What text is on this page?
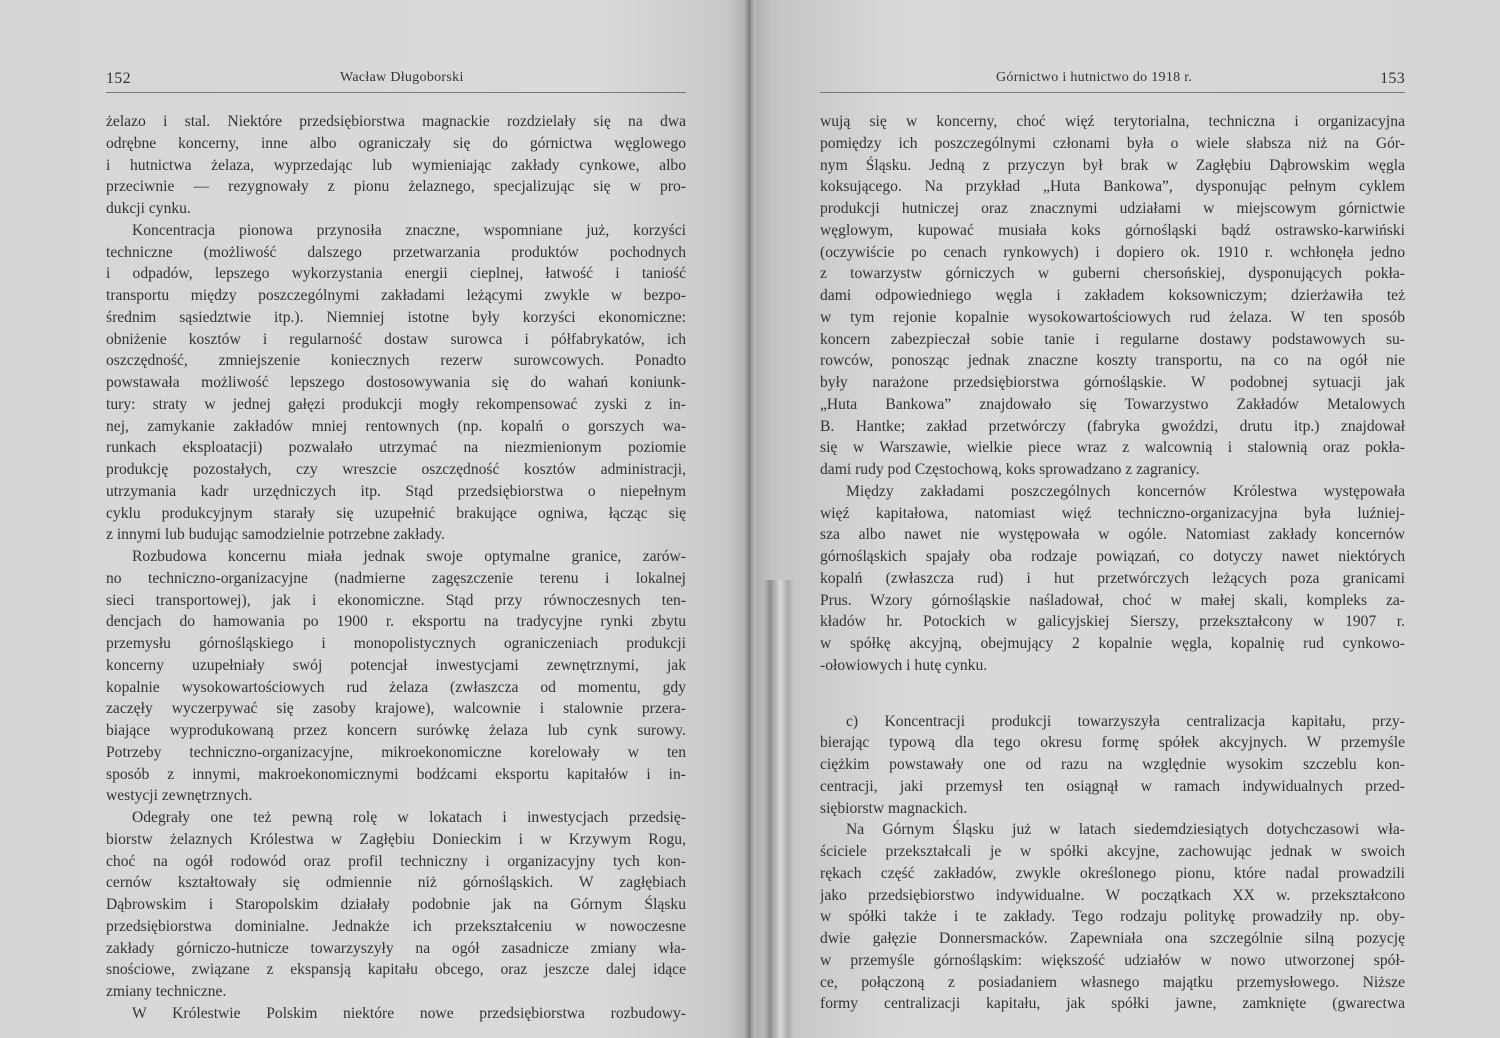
152	Wacław Długoborski
żelazo i stal. Niektóre przedsiębiorstwa magnackie rozdzielały się na dwa
odrębne koncerny, inne albo ograniczały się do górnictwa węglowego
i hutnictwa żelaza, wyprzedając lub wymieniając zakłady cynkowe, albo
przeciwnie — rezygnowały z pionu żelaznego, specjalizując się w pro-
dukcji cynku.
Koncentracja pionowa przynosiła znaczne, wspomniane już, korzyści
techniczne (możliwość dalszego przetwarzania produktów pochodnych
i odpadów, lepszego wykorzystania energii cieplnej, łatwość i taniość
transportu między poszczególnymi zakładami leżącymi zwykle w bezpo-
średnim sąsiedztwie itp.). Niemniej istotne były korzyści ekonomiczne:
obniżenie kosztów i regularność dostaw surowca i półfabrykatów, ich
oszczędność, zmniejszenie koniecznych rezerw surowcowych. Ponadto
powstawała możliwość lepszego dostosowywania się do wahań koniunk-
tury: straty w jednej gałęzi produkcji mogły rekompensować zyski z in-
nej, zamykanie zakładów mniej rentownych (np. kopalń o gorszych wa-
runkach eksploatacji) pozwalało utrzymać na niezmienionym poziomie
produkcję pozostałych, czy wreszcie oszczędność kosztów administracji,
utrzymania kadr urzędniczych itp. Stąd przedsiębiorstwa o niepełnym
cyklu produkcyjnym starały się uzupełnić brakujące ogniwa, łącząc się
z innymi lub budując samodzielnie potrzebne zakłady.
Rozbudowa koncernu miała jednak swoje optymalne granice, zarów-
no techniczno-organizacyjne (nadmierne zagęszczenie terenu i lokalnej
sieci transportowej), jak i ekonomiczne. Stąd przy równoczesnych ten-
dencjach do hamowania po 1900 r. eksportu na tradycyjne rynki zbytu
przemysłu górnośląskiego i monopolistycznych ograniczeniach produkcji
koncerny uzupełniały swój potencjał inwestycjami zewnętrznymi, jak
kopalnie wysokowartościowych rud żelaza (zwłaszcza od momentu, gdy
zaczęły wyczerpywać się zasoby krajowe), walcownie i stalownie przera-
biające wyprodukowaną przez koncern surówkę żelaza lub cynk surowy.
Potrzeby techniczno-organizacyjne, mikroekonomiczne korelowały w ten
sposób z innymi, makroekonomicznymi bodźcami eksportu kapitałów i in-
westycji zewnętrznych.
Odegrały one też pewną rolę w lokatach i inwestycjach przedsię-
biorstw żelaznych Królestwa w Zagłębiu Donieckim i w Krzywym Rogu,
choć na ogół rodowód oraz profil techniczny i organizacyjny tych kon-
cernów kształtowały się odmiennie niż górnośląskich. W zagłębiach
Dąbrowskim i Staropolskim działały podobnie jak na Górnym Śląsku
przedsiębiorstwa dominialne. Jednakże ich przekształceniu w nowoczesne
zakłady górniczo-hutnicze towarzyszyły na ogół zasadnicze zmiany wła-
snościowe, związane z ekspansją kapitału obcego, oraz jeszcze dalej idące
zmiany techniczne.
W Królestwie Polskim niektóre nowe przedsiębiorstwa rozbudowy-
Górnictwo i hutnictwo do 1918 r.	153
wują się w koncerny, choć więź terytorialna, techniczna i organizacyjna
pomiędzy ich poszczególnymi członami była o wiele słabsza niż na Gór-
nym Śląsku. Jedną z przyczyn był brak w Zagłębiu Dąbrowskim węgla
koksującego. Na przykład „Huta Bankowa”, dysponując pełnym cyklem
produkcji hutniczej oraz znacznymi udziałami w miejscowym górnictwie
węglowym, kupować musiała koks górnośląski bądź ostrawsko-karwiński
(oczywiście po cenach rynkowych) i dopiero ok. 1910 r. wchłonęła jedno
z towarzystw górniczych w guberni chersońskiej, dysponujących pokła-
dami odpowiedniego węgla i zakładem koksowniczym; dzierżawiła też
w tym rejonie kopalnie wysokowartościowych rud żelaza. W ten sposób
koncern zabezpieczał sobie tanie i regularne dostawy podstawowych su-
rowców, ponosząc jednak znaczne koszty transportu, na co na ogół nie
były narażone przedsiębiorstwa górnośląskie. W podobnej sytuacji jak
„Huta Bankowa” znajdowało się Towarzystwo Zakładów Metalowych
B. Hantke; zakład przetwórczy (fabryka gwoździ, drutu itp.) znajdował
się w Warszawie, wielkie piece wraz z walcownią i stalownią oraz pokła-
dami rudy pod Częstochową, koks sprowadzano z zagranicy.
Między zakładami poszczególnych koncernów Królestwa występowała
więź kapitałowa, natomiast więź techniczno-organizacyjna była luźniej-
sza albo nawet nie występowała w ogóle. Natomiast zakłady koncernów
górnośląskich spajały oba rodzaje powiązań, co dotyczy nawet niektórych
kopalń (zwłaszcza rud) i hut przetwórczych leżących poza granicami
Prus. Wzory górnośląskie naśladował, choć w małej skali, kompleks za-
kładów hr. Potockich w galicyjskiej Sierszy, przekształcony w 1907 r.
w spółkę akcyjną, obejmujący 2 kopalnie węgla, kopalnię rud cynkowo-
-ołowiowych i hutę cynku.
c) Koncentracji produkcji towarzyszyła centralizacja kapitału, przy-
bierając typową dla tego okresu formę spółek akcyjnych. W przemyśle
ciężkim powstawały one od razu na względnie wysokim szczeblu kon-
centracji, jaki przemysł ten osiągnął w ramach indywidualnych przed-
siębiorstw magnackich.
Na Górnym Śląsku już w latach siedemdziesiątych dotychczasowi wła-
ściciele przekształcali je w spółki akcyjne, zachowując jednak w swoich
rękach część zakładów, zwykle określonego pionu, które nadal prowadzili
jako przedsiębiorstwo indywidualne. W początkach XX w. przekształcono
w spółki także i te zakłady. Tego rodzaju politykę prowadziły np. oby-
dwie gałęzie Donnersmacków. Zapewniała ona szczególnie silną pozycję
w przemyśle górnośląskim: większość udziałów w nowo utworzonej spół-
ce, połączoną z posiadaniem własnego majątku przemysłowego. Niższe
formy centralizacji kapitału, jak spółki jawne, zamknięte (gwarectwa
